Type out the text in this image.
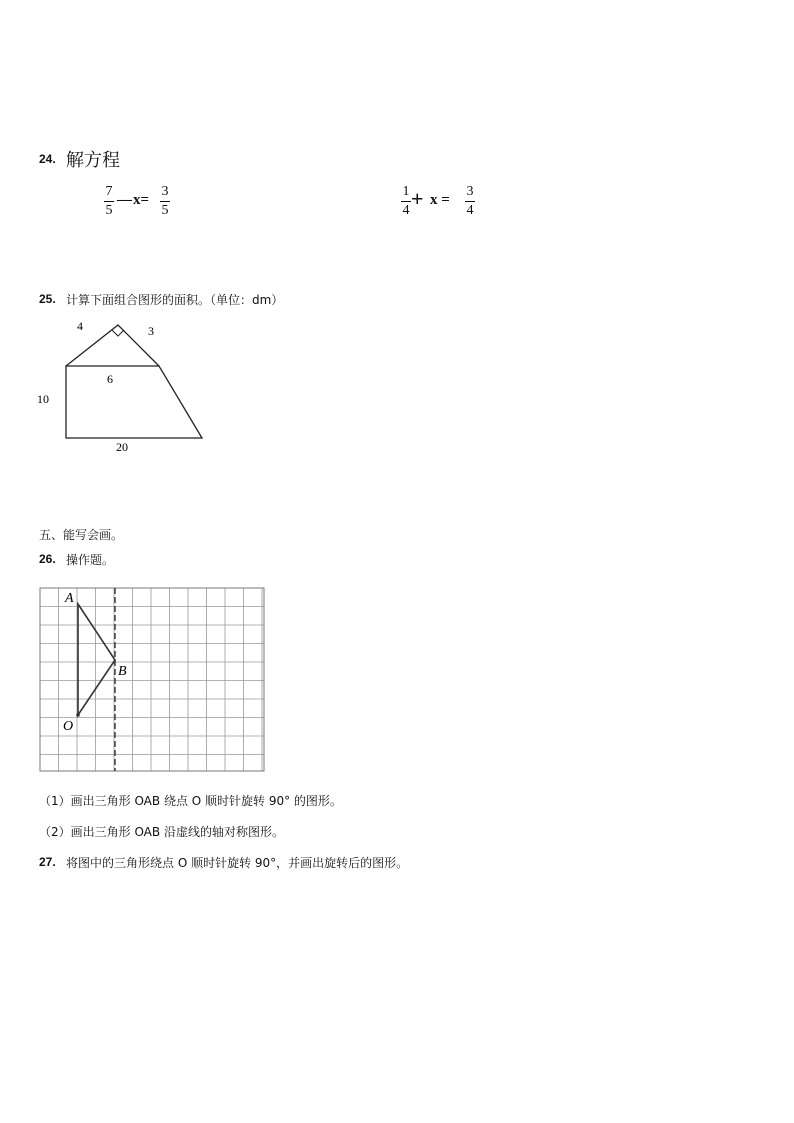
24. 解方程
7
5
— x=
3
5
1
4 + x =
3
4
25. 计算下面组合图形的面积。（单位：dm）
4	3
6
10
20
五、能写会画。
26. 操作题。
A
B
O
（1）画出三角形 OAB 绕点 O 顺时针旋转 90° 的图形。
（2）画出三角形 OAB 沿虚线的轴对称图形。
27. 将图中的三角形绕点 O 顺时针旋转 90°，并画出旋转后的图形。
